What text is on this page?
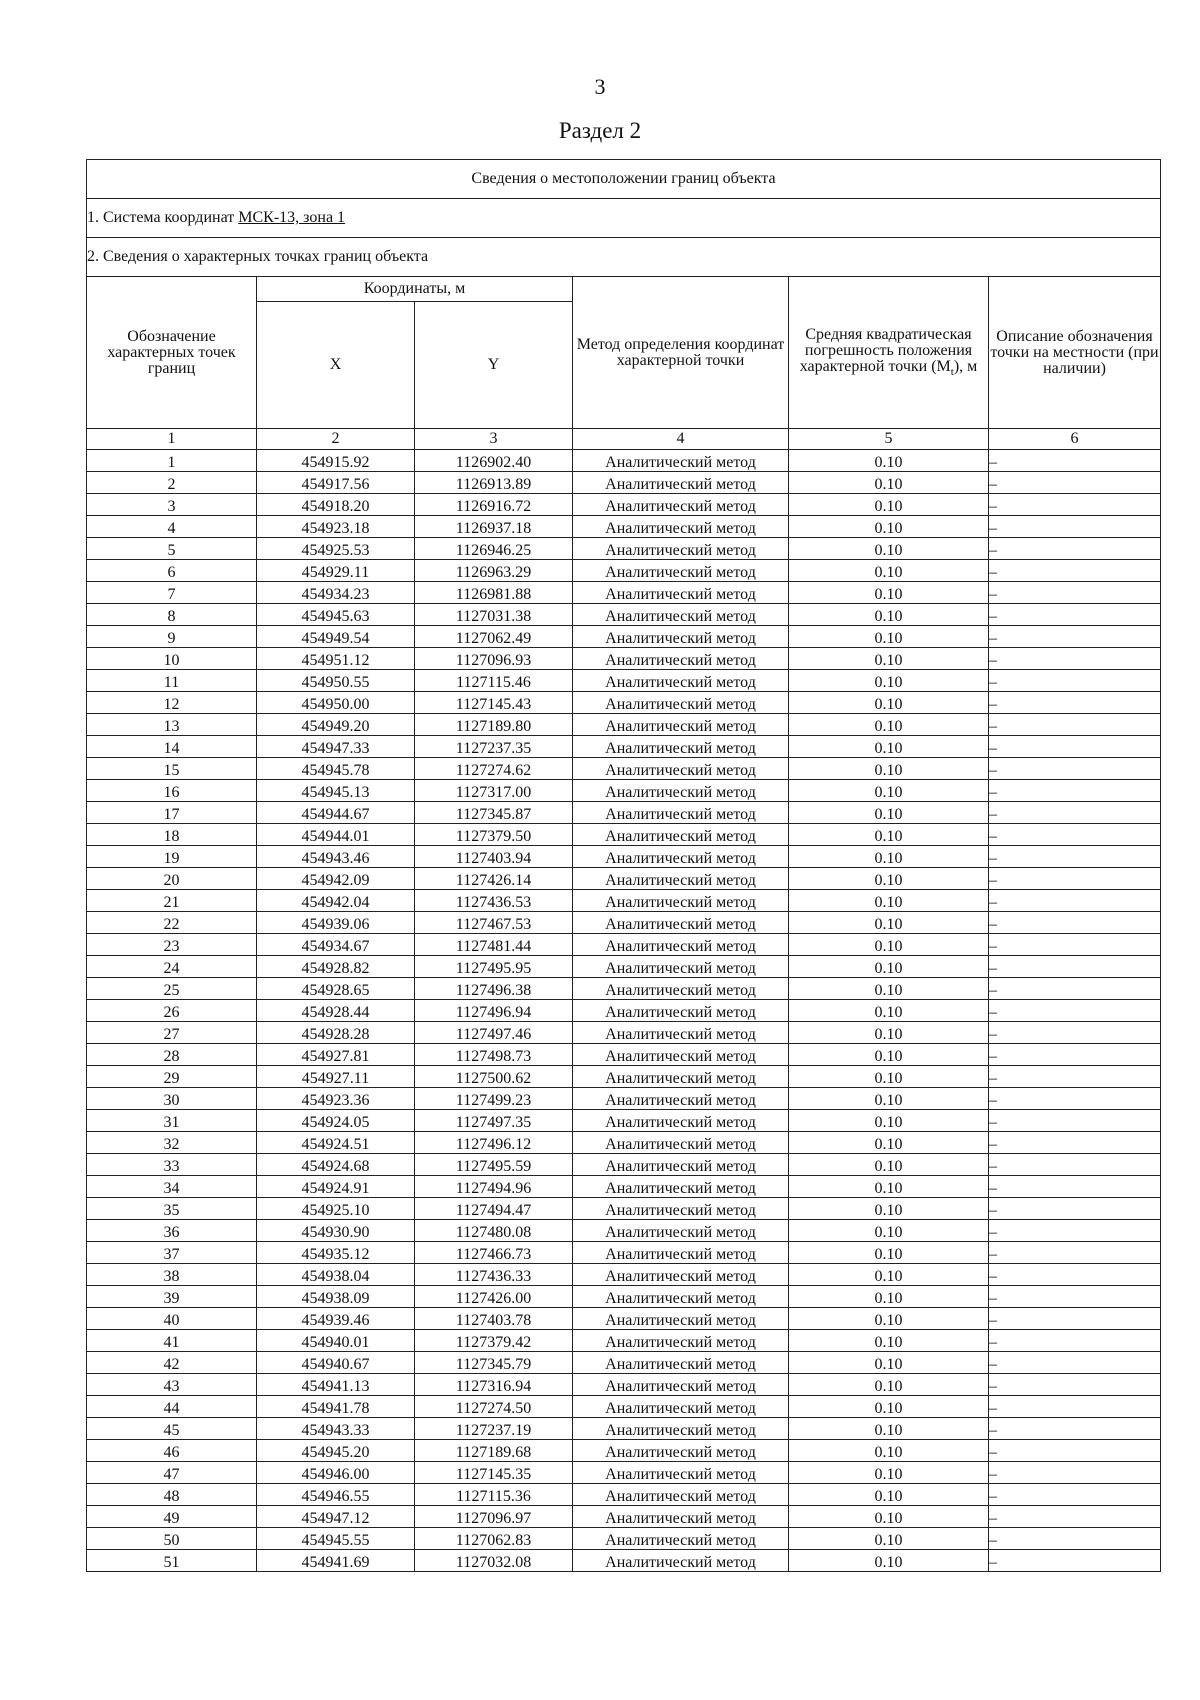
3
Раздел 2
Сведения о местоположении границ объекта					
1. Система координат МСК-13, зона 1					
2. Сведения о характерных точках границ объекта					
Обозначение характерных точек границ	Координаты, м		Метод определения координат характерной точки	Средняя квадратическая погрешность положения характерной точки $(M_t)$, м	Описание обозначения точки на местности (при наличии)
	X	Y			
1	2	3	4	5	6
1	454915.92	1126902.40	Аналитический метод	0.10	–
2	454917.56	1126913.89	Аналитический метод	0.10	–
3	454918.20	1126916.72	Аналитический метод	0.10	–
4	454923.18	1126937.18	Аналитический метод	0.10	–
5	454925.53	1126946.25	Аналитический метод	0.10	–
6	454929.11	1126963.29	Аналитический метод	0.10	–
7	454934.23	1126981.88	Аналитический метод	0.10	–
8	454945.63	1127031.38	Аналитический метод	0.10	–
9	454949.54	1127062.49	Аналитический метод	0.10	–
10	454951.12	1127096.93	Аналитический метод	0.10	–
11	454950.55	1127115.46	Аналитический метод	0.10	–
12	454950.00	1127145.43	Аналитический метод	0.10	–
13	454949.20	1127189.80	Аналитический метод	0.10	–
14	454947.33	1127237.35	Аналитический метод	0.10	–
15	454945.78	1127274.62	Аналитический метод	0.10	–
16	454945.13	1127317.00	Аналитический метод	0.10	–
17	454944.67	1127345.87	Аналитический метод	0.10	–
18	454944.01	1127379.50	Аналитический метод	0.10	–
19	454943.46	1127403.94	Аналитический метод	0.10	–
20	454942.09	1127426.14	Аналитический метод	0.10	–
21	454942.04	1127436.53	Аналитический метод	0.10	–
22	454939.06	1127467.53	Аналитический метод	0.10	–
23	454934.67	1127481.44	Аналитический метод	0.10	–
24	454928.82	1127495.95	Аналитический метод	0.10	–
25	454928.65	1127496.38	Аналитический метод	0.10	–
26	454928.44	1127496.94	Аналитический метод	0.10	–
27	454928.28	1127497.46	Аналитический метод	0.10	–
28	454927.81	1127498.73	Аналитический метод	0.10	–
29	454927.11	1127500.62	Аналитический метод	0.10	–
30	454923.36	1127499.23	Аналитический метод	0.10	–
31	454924.05	1127497.35	Аналитический метод	0.10	–
32	454924.51	1127496.12	Аналитический метод	0.10	–
33	454924.68	1127495.59	Аналитический метод	0.10	–
34	454924.91	1127494.96	Аналитический метод	0.10	–
35	454925.10	1127494.47	Аналитический метод	0.10	–
36	454930.90	1127480.08	Аналитический метод	0.10	–
37	454935.12	1127466.73	Аналитический метод	0.10	–
38	454938.04	1127436.33	Аналитический метод	0.10	–
39	454938.09	1127426.00	Аналитический метод	0.10	–
40	454939.46	1127403.78	Аналитический метод	0.10	–
41	454940.01	1127379.42	Аналитический метод	0.10	–
42	454940.67	1127345.79	Аналитический метод	0.10	–
43	454941.13	1127316.94	Аналитический метод	0.10	–
44	454941.78	1127274.50	Аналитический метод	0.10	–
45	454943.33	1127237.19	Аналитический метод	0.10	–
46	454945.20	1127189.68	Аналитический метод	0.10	–
47	454946.00	1127145.35	Аналитический метод	0.10	–
48	454946.55	1127115.36	Аналитический метод	0.10	–
49	454947.12	1127096.97	Аналитический метод	0.10	–
50	454945.55	1127062.83	Аналитический метод	0.10	–
51	454941.69	1127032.08	Аналитический метод	0.10	–
